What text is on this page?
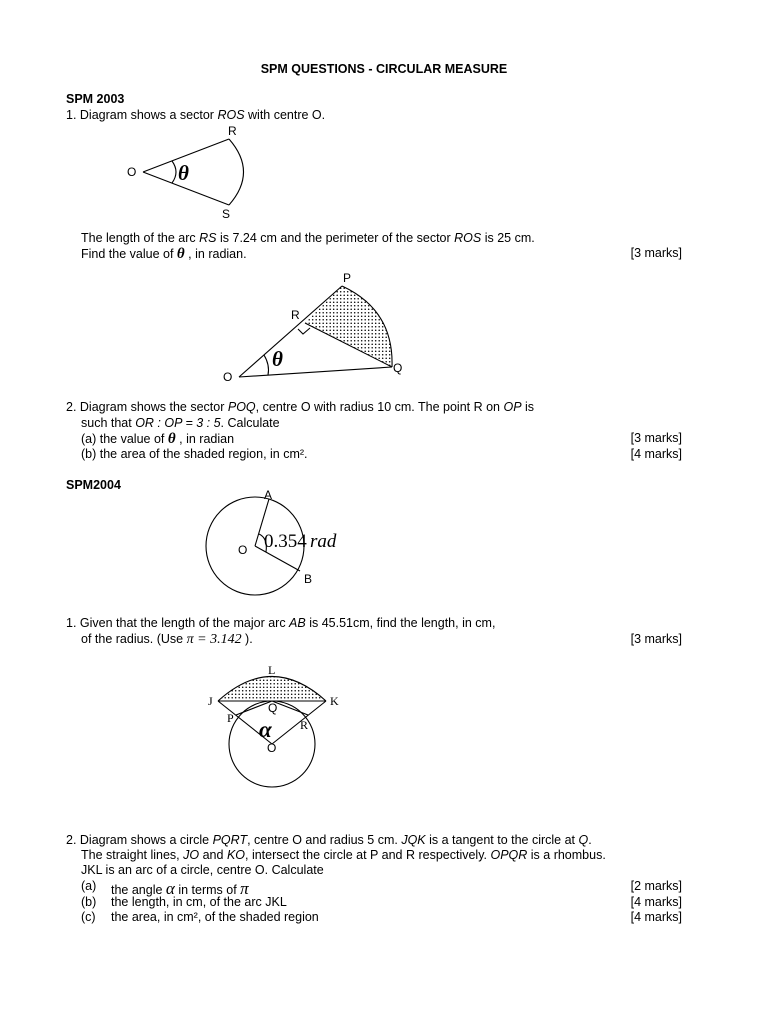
SPM QUESTIONS - CIRCULAR MEASURE
SPM 2003
1. Diagram shows a sector ROS with centre O.
R
O
S
θ
The length of the arc RS is 7.24 cm and the perimeter of the sector ROS is 25 cm.
Find the value of θ , in radian.	[3 marks]
P
R
O
Q
θ
2. Diagram shows the sector POQ, centre O with radius 10 cm. The point R on OP is
such that OR : OP = 3 : 5. Calculate
(a) the value of θ , in radian	[3 marks]
(b) the area of the shaded region, in cm².	[4 marks]
SPM2004
A
O
B
0.354 rad
1. Given that the length of the major arc AB is 45.51cm, find the length, in cm,
of the radius. (Use π = 3.142 ).	[3 marks]
L
J	K
Q
P	R
O
α
2. Diagram shows a circle PQRT, centre O and radius 5 cm. JQK is a tangent to the circle at Q.
The straight lines, JO and KO, intersect the circle at P and R respectively. OPQR is a rhombus.
JKL is an arc of a circle, centre O. Calculate
(a) the angle α in terms of π	[2 marks]
(b) the length, in cm, of the arc JKL	[4 marks]
(c) the area, in cm², of the shaded region	[4 marks]
